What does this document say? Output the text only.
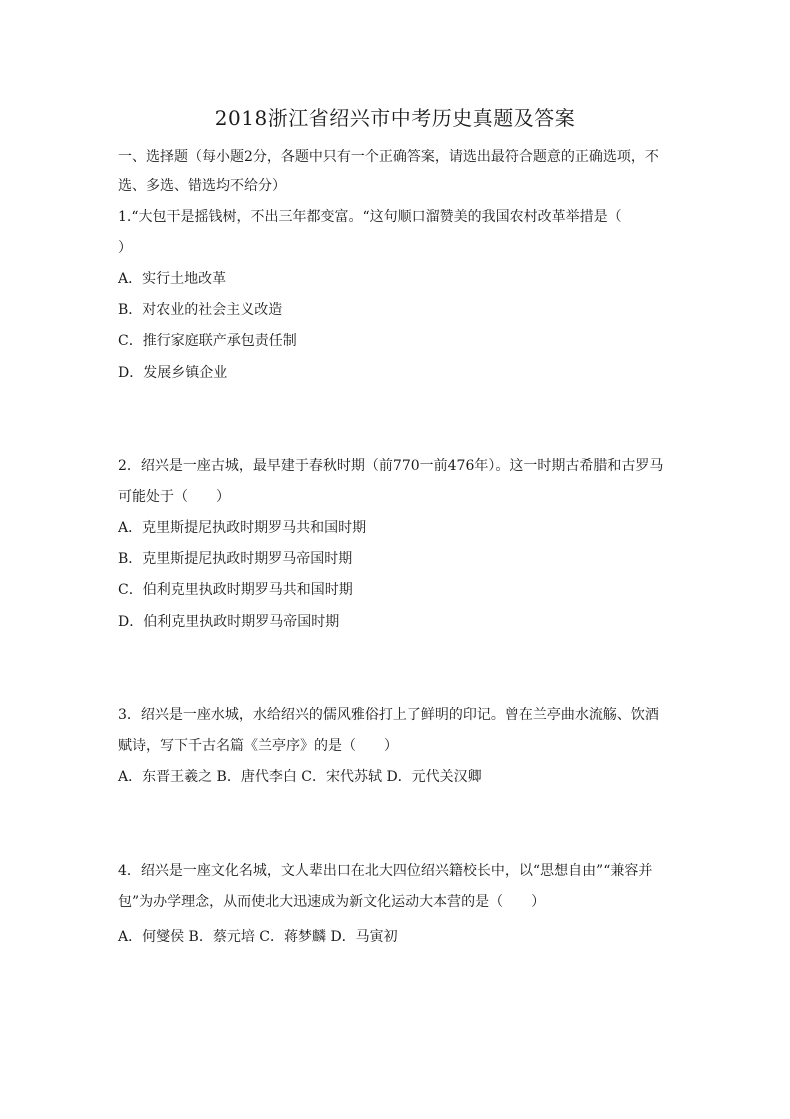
2018浙江省绍兴市中考历史真题及答案
一、选择题（每小题2分，各题中只有一个正确答案，请选出最符合题意的正确选项，不
选、多选、错选均不给分）
1.“大包干是摇钱树，不出三年都变富。“这句顺口溜赞美的我国农村改革举措是（
）
A．实行土地改革
B．对农业的社会主义改造
C．推行家庭联产承包责任制
D．发展乡镇企业
2．绍兴是一座古城，最早建于春秋时期（前770一前476年）。这一时期古希腊和古罗马
可能处于（　　）
A．克里斯提尼执政时期罗马共和国时期
B．克里斯提尼执政时期罗马帝国时期
C．伯利克里执政时期罗马共和国时期
D．伯利克里执政时期罗马帝国时期
3．绍兴是一座水城，水给绍兴的儒风雅俗打上了鲜明的印记。曾在兰亭曲水流觞、饮酒
赋诗，写下千古名篇《兰亭序》的是（　　）
A．东晋王羲之 B．唐代李白 C．宋代苏轼 D．元代关汉卿
4．绍兴是一座文化名城，文人辈出口在北大四位绍兴籍校长中，以“思想自由”“兼容并
包”为办学理念，从而使北大迅速成为新文化运动大本营的是（　　）
A．何燮侯 B．蔡元培 C．蒋梦麟 D．马寅初
